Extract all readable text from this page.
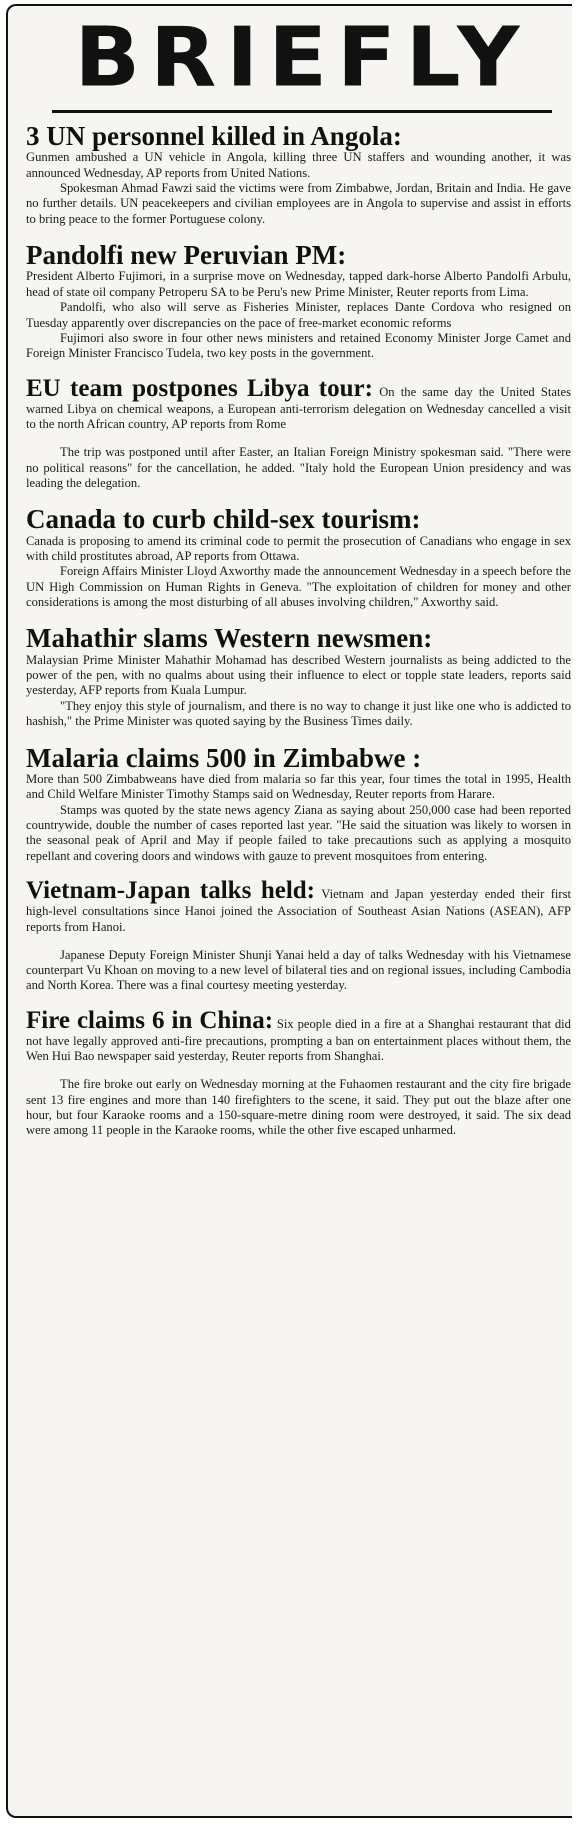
BRIEFLY
3 UN personnel killed in Angola:

Gunmen ambushed a UN vehicle in Angola, killing three UN staffers and wounding another, it was announced Wednesday, AP reports from United Nations.

Spokesman Ahmad Fawzi said the victims were from Zimbabwe, Jordan, Britain and India. He gave no further details. UN peacekeepers and civilian employees are in Angola to supervise and assist in efforts to bring peace to the former Portuguese colony.

Pandolfi new Peruvian PM:

President Alberto Fujimori, in a surprise move on Wednesday, tapped dark-horse Alberto Pandolfi Arbulu, head of state oil company Petroperu SA to be Peru's new Prime Minister, Reuter reports from Lima.

Pandolfi, who also will serve as Fisheries Minister, replaces Dante Cordova who resigned on Tuesday apparently over discrepancies on the pace of free-market economic reforms

Fujimori also swore in four other news ministers and retained Economy Minister Jorge Camet and Foreign Minister Francisco Tudela, two key posts in the government.

EU team postpones Libya tour: On the same day the United States warned Libya on chemical weapons, a European anti-terrorism delegation on Wednesday cancelled a visit to the north African country, AP reports from Rome

The trip was postponed until after Easter, an Italian Foreign Ministry spokesman said. "There were no political reasons" for the cancellation, he added. "Italy hold the European Union presidency and was leading the delegation.

Canada to curb child-sex tourism:

Canada is proposing to amend its criminal code to permit the prosecution of Canadians who engage in sex with child prostitutes abroad, AP reports from Ottawa.

Foreign Affairs Minister Lloyd Axworthy made the announcement Wednesday in a speech before the UN High Commission on Human Rights in Geneva. "The exploitation of children for money and other considerations is among the most disturbing of all abuses involving children," Axworthy said.

Mahathir slams Western newsmen:

Malaysian Prime Minister Mahathir Mohamad has described Western journalists as being addicted to the power of the pen, with no qualms about using their influence to elect or topple state leaders, reports said yesterday, AFP reports from Kuala Lumpur.

"They enjoy this style of journalism, and there is no way to change it just like one who is addicted to hashish," the Prime Minister was quoted saying by the Business Times daily.

Malaria claims 500 in Zimbabwe :

More than 500 Zimbabweans have died from malaria so far this year, four times the total in 1995, Health and Child Welfare Minister Timothy Stamps said on Wednesday, Reuter reports from Harare.

Stamps was quoted by the state news agency Ziana as saying about 250,000 case had been reported countrywide, double the number of cases reported last year. "He said the situation was likely to worsen in the seasonal peak of April and May if people failed to take precautions such as applying a mosquito repellant and covering doors and windows with gauze to prevent mosquitoes from entering.

Vietnam-Japan talks held: Vietnam and Japan yesterday ended their first high-level consultations since Hanoi joined the Association of Southeast Asian Nations (ASEAN), AFP reports from Hanoi.

Japanese Deputy Foreign Minister Shunji Yanai held a day of talks Wednesday with his Vietnamese counterpart Vu Khoan on moving to a new level of bilateral ties and on regional issues, including Cambodia and North Korea. There was a final courtesy meeting yesterday.

Fire claims 6 in China: Six people died in a fire at a Shanghai restaurant that did not have legally approved anti-fire precautions, prompting a ban on entertainment places without them, the Wen Hui Bao newspaper said yesterday, Reuter reports from Shanghai.

The fire broke out early on Wednesday morning at the Fuhaomen restaurant and the city fire brigade sent 13 fire engines and more than 140 firefighters to the scene, it said. They put out the blaze after one hour, but four Karaoke rooms and a 150-square-metre dining room were destroyed, it said. The six dead were among 11 people in the Karaoke rooms, while the other five escaped unharmed.
